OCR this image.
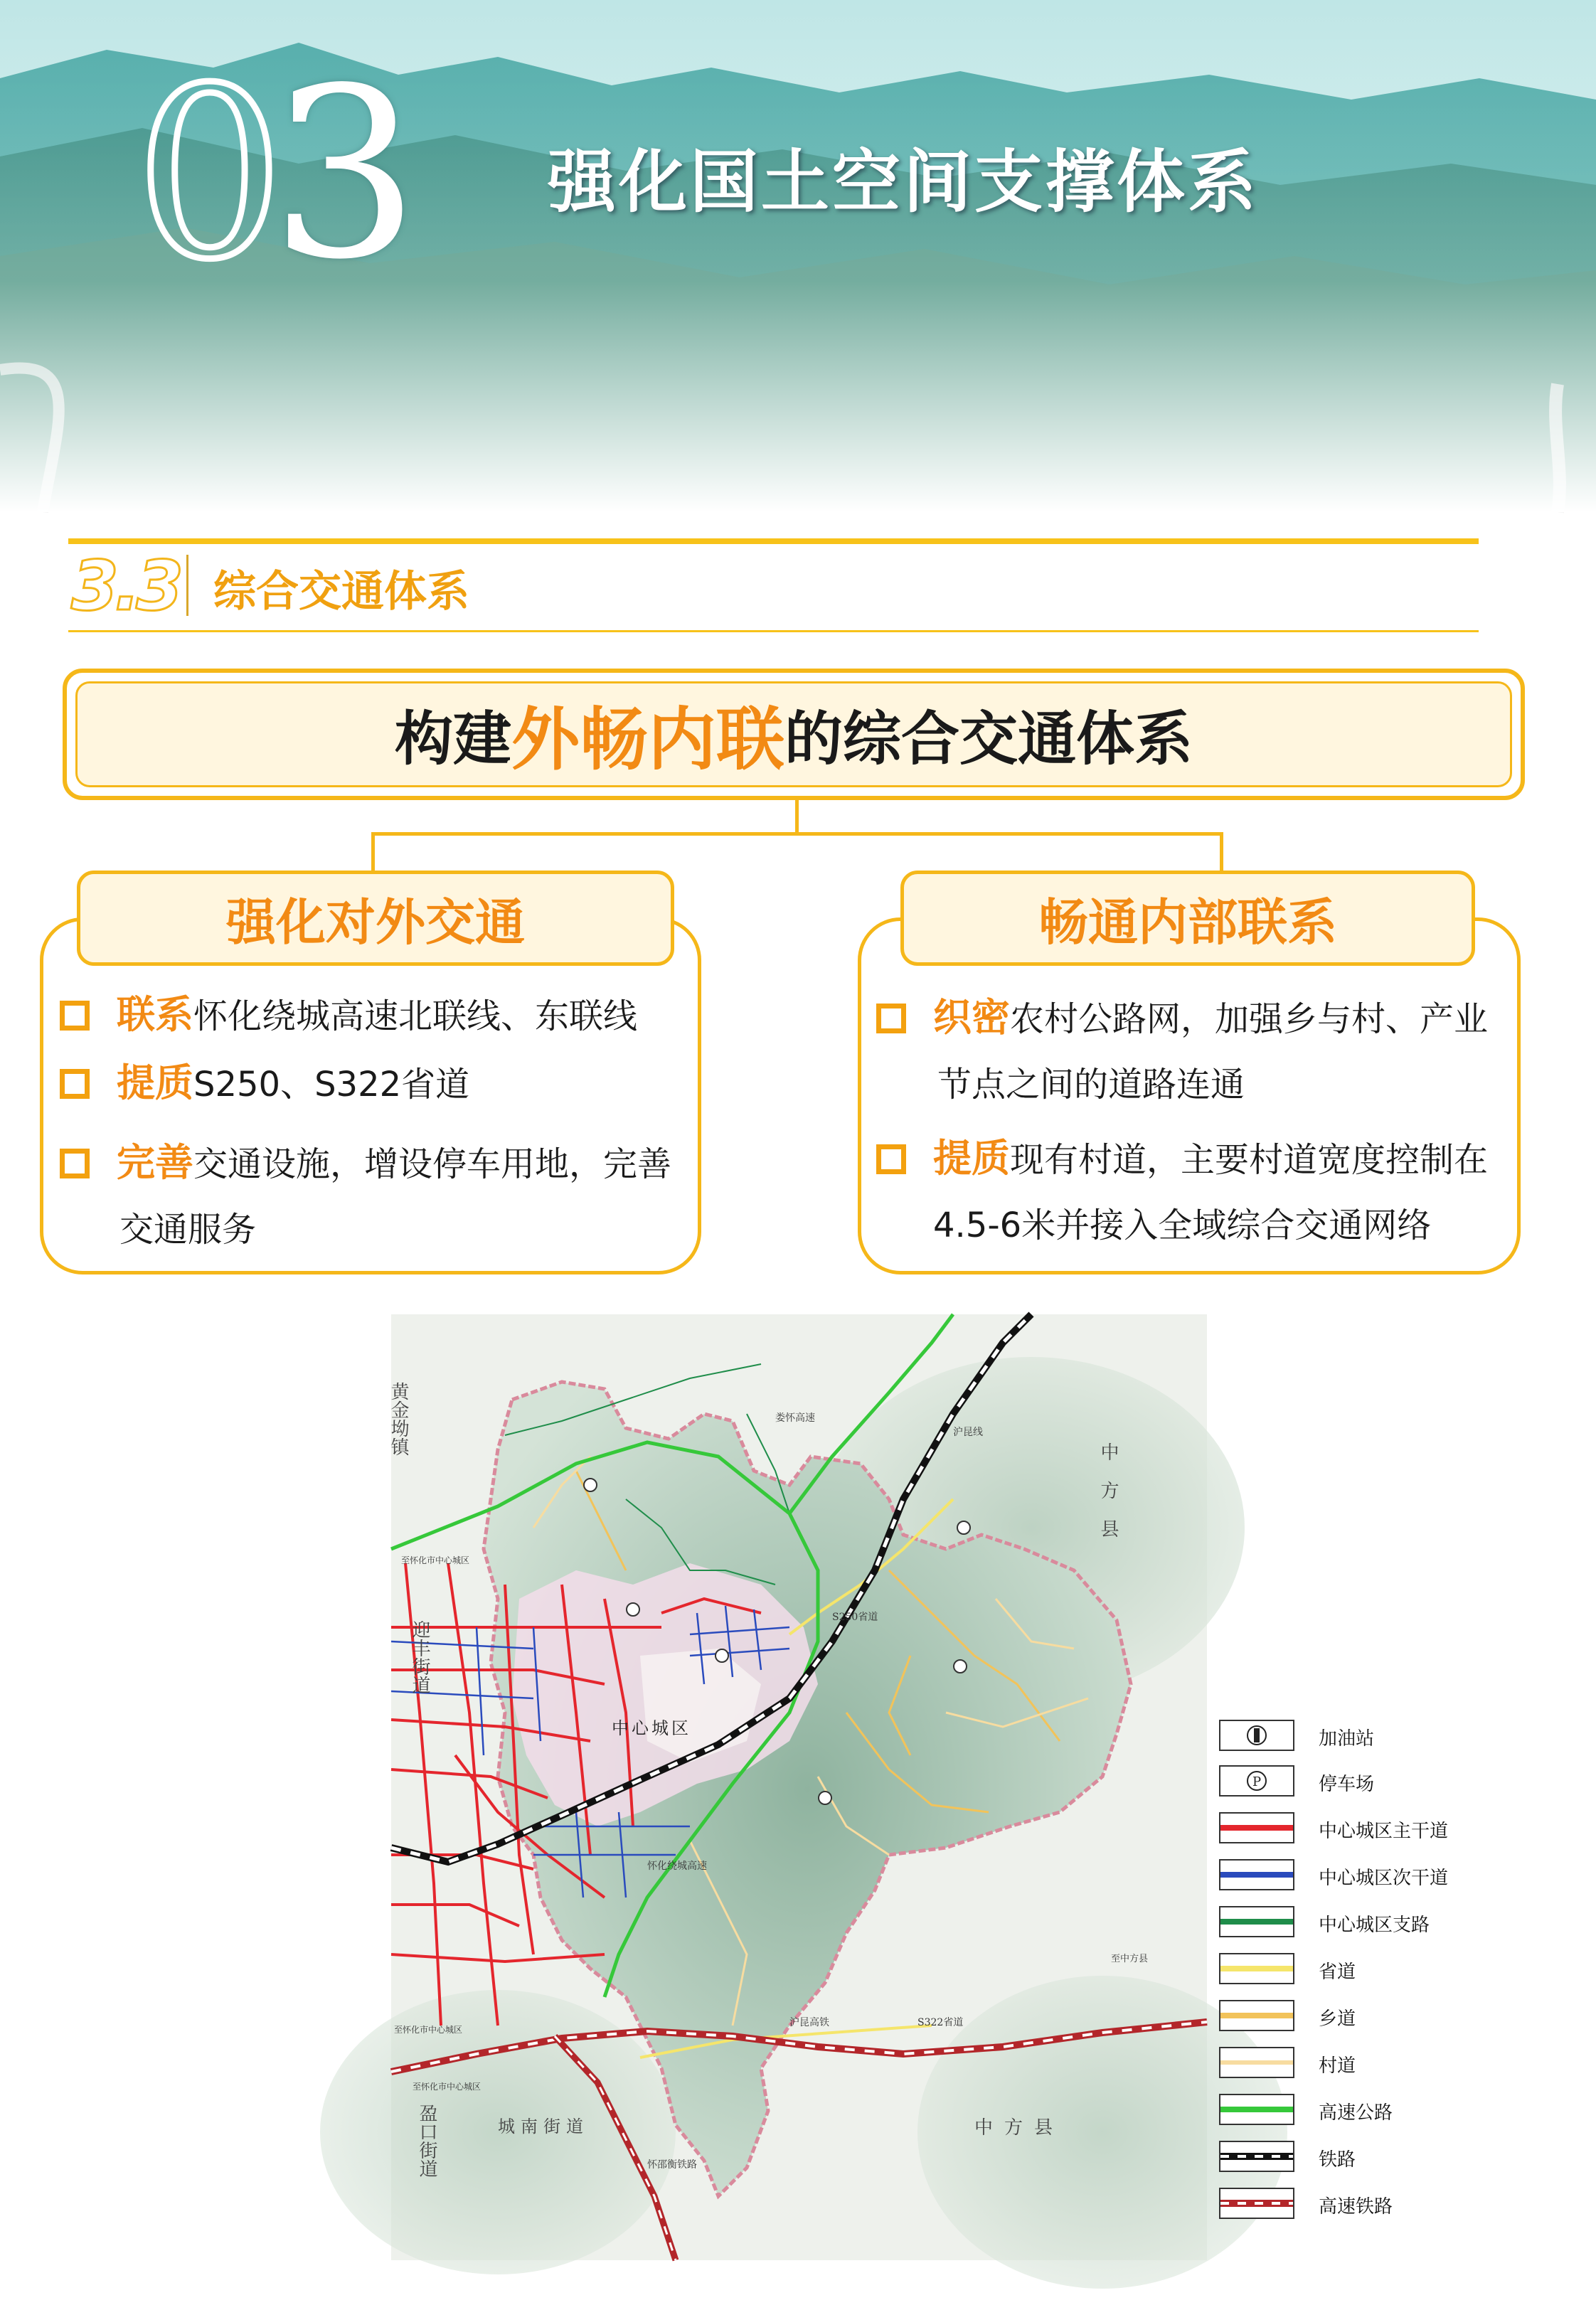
03 强化国土空间支撑体系
3.3 综合交通体系
构建 外畅内联 的综合交通体系
强化对外交通
联系怀化绕城高速北联线、东联线
提质S250、S322省道
完善交通设施，增设停车用地，完善
交通服务
畅通内部联系
织密农村公路网，加强乡与村、产业
节点之间的道路连通
提质现有村道，主要村道宽度控制在
4.5-6米并接入全域综合交通网络
黄金坳镇
迎丰街道
盈口街道	城南街道
中方县
中方县
中心城区
娄怀高速
沪昆线
S250省道
S322省道
怀化绕城高速
沪昆高铁
怀邵衡铁路
至中方县
至怀化市中心城区
至怀化市中心城区
至怀化市中心城区
加油站
P	停车场
中心城区主干道
中心城区次干道
中心城区支路
省道
乡道
村道
高速公路
铁路
高速铁路
